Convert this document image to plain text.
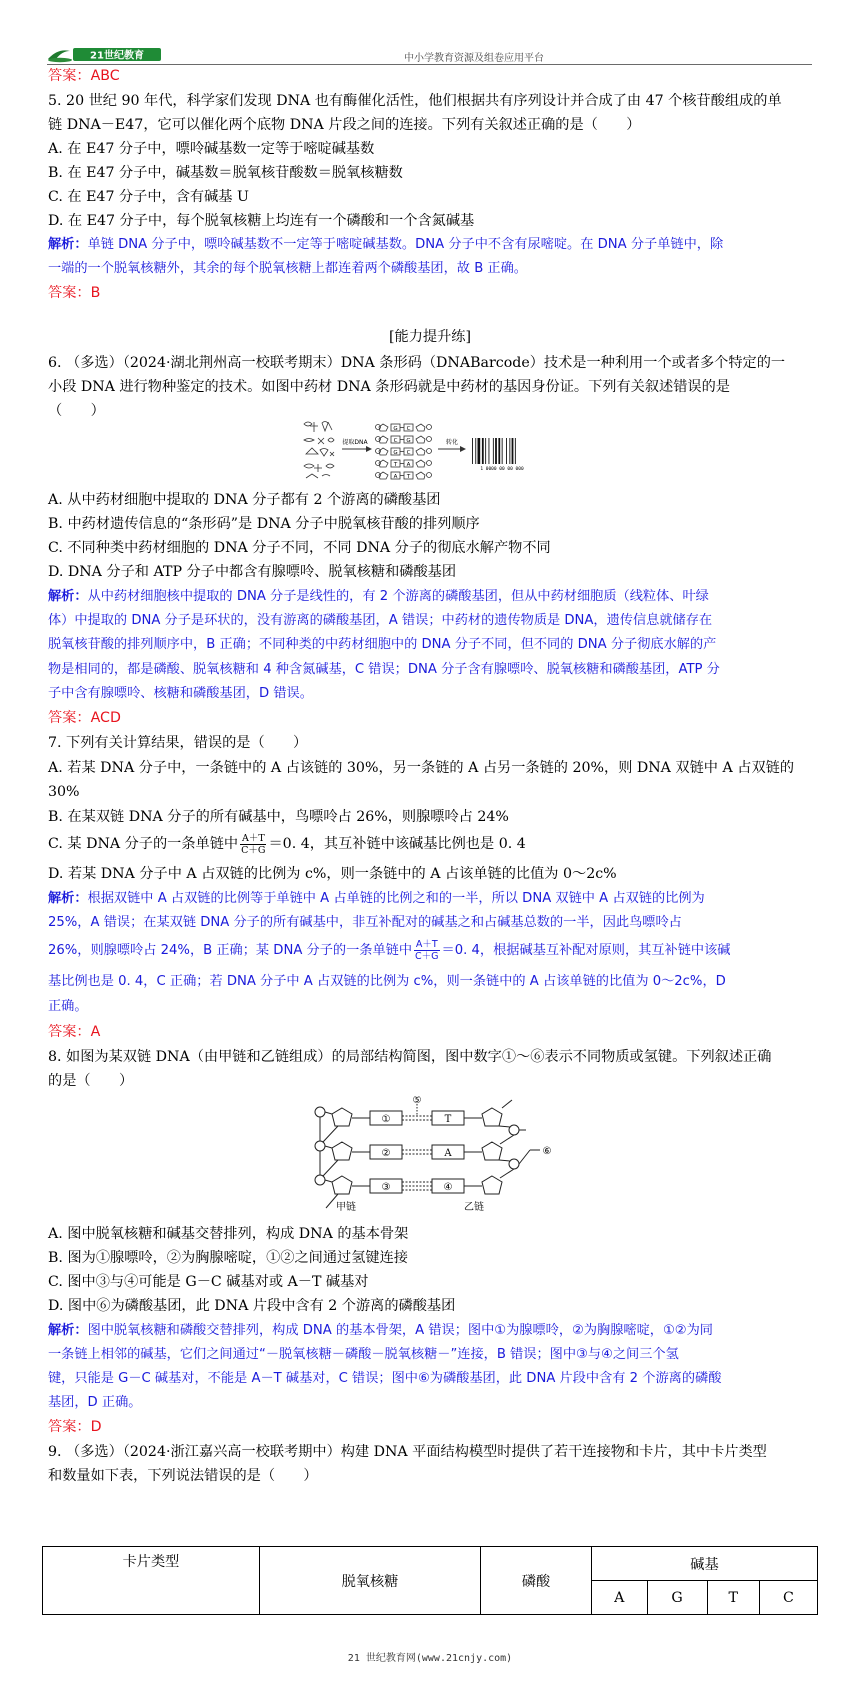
21世纪教育	中小学教育资源及组卷应用平台
答案：ABC
5. 20 世纪 90 年代，科学家们发现 DNA 也有酶催化活性，他们根据共有序列设计并合成了由 47 个核苷酸组成的单
链 DNA－E47，它可以催化两个底物 DNA 片段之间的连接。下列有关叙述正确的是（　　）
A. 在 E47 分子中，嘌呤碱基数一定等于嘧啶碱基数
B. 在 E47 分子中，碱基数＝脱氧核苷酸数＝脱氧核糖数
C. 在 E47 分子中，含有碱基 U
D. 在 E47 分子中，每个脱氧核糖上均连有一个磷酸和一个含氮碱基
解析：单链 DNA 分子中，嘌呤碱基数不一定等于嘧啶碱基数。DNA 分子中不含有尿嘧啶。在 DNA 分子单链中，除
一端的一个脱氧核糖外，其余的每个脱氧核糖上都连着两个磷酸基团，故 B 正确。
答案：B
[能力提升练]
6. （多选）（2024·湖北荆州高一校联考期末）DNA 条形码（DNABarcode）技术是一种利用一个或者多个特定的一
小段 DNA 进行物种鉴定的技术。如图中药材 DNA 条形码就是中药材的基因身份证。下列有关叙述错误的是
（　　）
提取DNA
G
C
G
T
A
C
G
C
A
T
转化
1 0000 00 00 000
A. 从中药材细胞中提取的 DNA 分子都有 2 个游离的磷酸基团
B. 中药材遗传信息的“条形码”是 DNA 分子中脱氧核苷酸的排列顺序
C. 不同种类中药材细胞的 DNA 分子不同，不同 DNA 分子的彻底水解产物不同
D. DNA 分子和 ATP 分子中都含有腺嘌呤、脱氧核糖和磷酸基团
解析：从中药材细胞核中提取的 DNA 分子是线性的，有 2 个游离的磷酸基团，但从中药材细胞质（线粒体、叶绿
体）中提取的 DNA 分子是环状的，没有游离的磷酸基团，A 错误；中药材的遗传物质是 DNA，遗传信息就储存在
脱氧核苷酸的排列顺序中，B 正确；不同种类的中药材细胞中的 DNA 分子不同，但不同的 DNA 分子彻底水解的产
物是相同的，都是磷酸、脱氧核糖和 4 种含氮碱基，C 错误；DNA 分子含有腺嘌呤、脱氧核糖和磷酸基团，ATP 分
子中含有腺嘌呤、核糖和磷酸基团，D 错误。
答案：ACD
7. 下列有关计算结果，错误的是（　　）
A. 若某 DNA 分子中，一条链中的 A 占该链的 30%，另一条链的 A 占另一条链的 20%，则 DNA 双链中 A 占双链的
30%
B. 在某双链 DNA 分子的所有碱基中，鸟嘌呤占 26%，则腺嘌呤占 24%
C. 某 DNA 分子的一条单链中 $\frac{A+T}{C+G} =0$. 4，其互补链中该碱基比例也是 0. 4
D. 若某 DNA 分子中 A 占双链的比例为 c%，则一条链中的 A 占该单链的比值为 0～2c%
解析：根据双链中 A 占双链的比例等于单链中 A 占单链的比例之和的一半，所以 DNA 双链中 A 占双链的比例为
25%，A 错误；在某双链 DNA 分子的所有碱基中，非互补配对的碱基之和占碱基总数的一半，因此鸟嘌呤占
26%，则腺嘌呤占 24%，B 正确；某 DNA 分子的一条单链中 $\frac{A+T}{C+G} =0$. 4，根据碱基互补配对原则，其互补链中该碱
基比例也是 0. 4，C 正确；若 DNA 分子中 A 占双链的比例为 c%，则一条链中的 A 占该单链的比值为 0～2c%，D
正确。
答案：A
8. 如图为某双链 DNA（由甲链和乙链组成）的局部结构简图，图中数字①～⑥表示不同物质或氢键。下列叙述正确
的是（　　）
①	T
②	A
③	④
⑤
⑥
甲链	乙链
A. 图中脱氧核糖和碱基交替排列，构成 DNA 的基本骨架
B. 图为①腺嘌呤，②为胸腺嘧啶，①②之间通过氢键连接
C. 图中③与④可能是 G－C 碱基对或 A－T 碱基对
D. 图中⑥为磷酸基团，此 DNA 片段中含有 2 个游离的磷酸基团
解析：图中脱氧核糖和磷酸交替排列，构成 DNA 的基本骨架，A 错误；图中①为腺嘌呤，②为胸腺嘧啶，①②为同
一条链上相邻的碱基，它们之间通过“－脱氧核糖－磷酸－脱氧核糖－”连接，B 错误；图中③与④之间三个氢
键，只能是 G－C 碱基对，不能是 A－T 碱基对，C 错误；图中⑥为磷酸基团，此 DNA 片段中含有 2 个游离的磷酸
基团，D 正确。
答案：D
9. （多选）（2024·浙江嘉兴高一校联考期中）构建 DNA 平面结构模型时提供了若干连接物和卡片，其中卡片类型
和数量如下表，下列说法错误的是（　　）
卡片类型	脱氧核糖	磷酸	碱基			
			A	G	T	C
21 世纪教育网(www.21cnjy.com)
